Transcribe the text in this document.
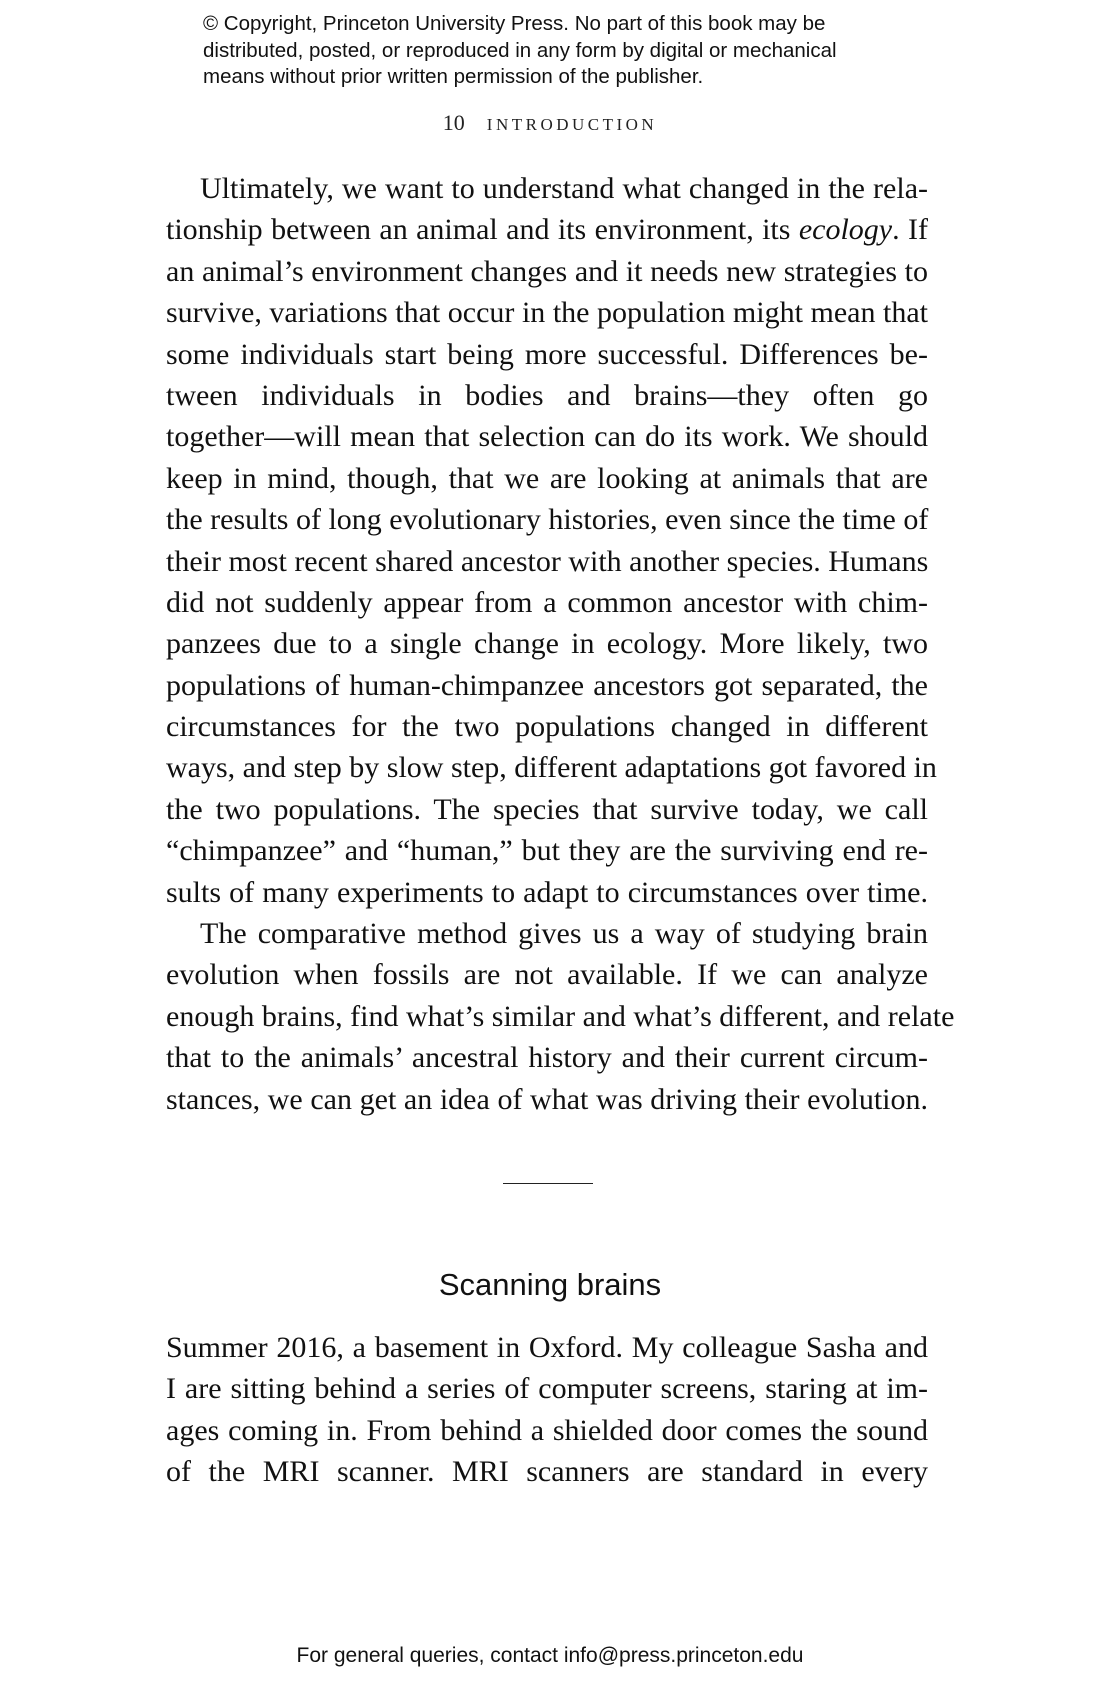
© Copyright, Princeton University Press. No part of this book may be
distributed, posted, or reproduced in any form by digital or mechanical
means without prior written permission of the publisher.
10 INTRODUCTION
Ultimately, we want to understand what changed in the rela-
tionship between an animal and its environment, its ecology. If
an animal’s environment changes and it needs new strategies to
survive, variations that occur in the population might mean that
some individuals start being more successful. Differences be-
tween individuals in bodies and brains—they often go
together—will mean that selection can do its work. We should
keep in mind, though, that we are looking at animals that are
the results of long evolutionary histories, even since the time of
their most recent shared ancestor with another species. Humans
did not suddenly appear from a common ancestor with chim-
panzees due to a single change in ecology. More likely, two
populations of human-chimpanzee ancestors got separated, the
circumstances for the two populations changed in different
ways, and step by slow step, different adaptations got favored in
the two populations. The species that survive today, we call
“chimpanzee” and “human,” but they are the surviving end re-
sults of many experiments to adapt to circumstances over time.
The comparative method gives us a way of studying brain
evolution when fossils are not available. If we can analyze
enough brains, find what’s similar and what’s different, and relate
that to the animals’ ancestral history and their current circum-
stances, we can get an idea of what was driving their evolution.
Scanning brains
Summer 2016, a basement in Oxford. My colleague Sasha and
I are sitting behind a series of computer screens, staring at im-
ages coming in. From behind a shielded door comes the sound
of the MRI scanner. MRI scanners are standard in every
For general queries, contact info@press.princeton.edu
